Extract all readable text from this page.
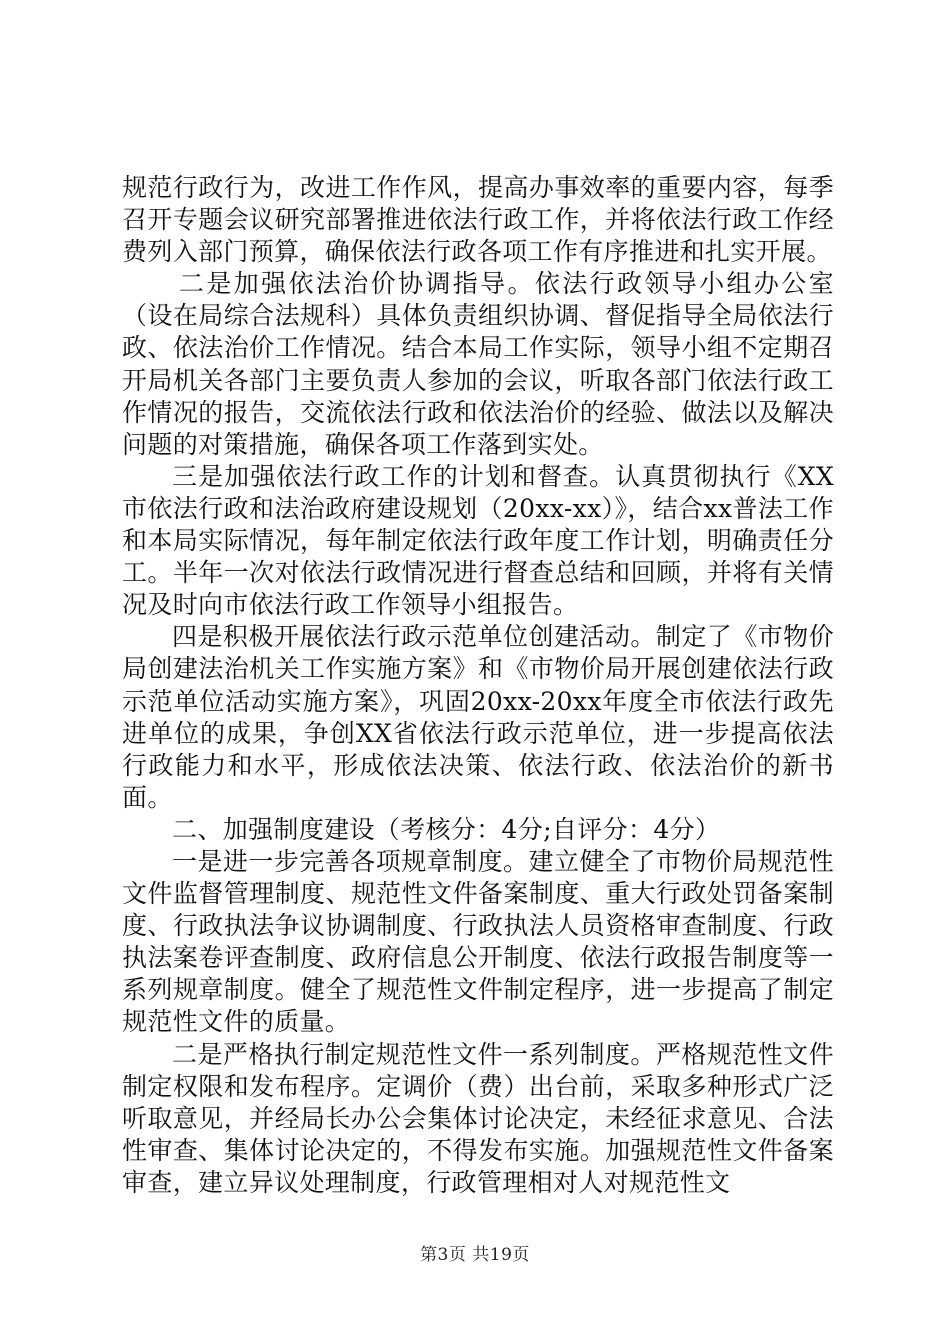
规范行政行为，改进工作作风，提高办事效率的重要内容，每季召开专题会议研究部署推进依法行政工作，并将依法行政工作经费列入部门预算，确保依法行政各项工作有序推进和扎实开展。

二是加强依法治价协调指导。依法行政领导小组办公室（设在局综合法规科）具体负责组织协调、督促指导全局依法行政、依法治价工作情况。结合本局工作实际，领导小组不定期召开局机关各部门主要负责人参加的会议，听取各部门依法行政工作情况的报告，交流依法行政和依法治价的经验、做法以及解决问题的对策措施，确保各项工作落到实处。

三是加强依法行政工作的计划和督查。认真贯彻执行《XX市依法行政和法治政府建设规划（20xx-xx）》，结合xx普法工作和本局实际情况，每年制定依法行政年度工作计划，明确责任分工。半年一次对依法行政情况进行督查总结和回顾，并将有关情况及时向市依法行政工作领导小组报告。

四是积极开展依法行政示范单位创建活动。制定了《市物价局创建法治机关工作实施方案》和《市物价局开展创建依法行政示范单位活动实施方案》，巩固20xx-20xx年度全市依法行政先进单位的成果，争创XX省依法行政示范单位，进一步提高依法行政能力和水平，形成依法决策、依法行政、依法治价的新书面。

二、加强制度建设（考核分：4分;自评分：4分）

一是进一步完善各项规章制度。建立健全了市物价局规范性文件监督管理制度、规范性文件备案制度、重大行政处罚备案制度、行政执法争议协调制度、行政执法人员资格审查制度、行政执法案卷评查制度、政府信息公开制度、依法行政报告制度等一系列规章制度。健全了规范性文件制定程序，进一步提高了制定规范性文件的质量。

二是严格执行制定规范性文件一系列制度。严格规范性文件制定权限和发布程序。定调价（费）出台前，采取多种形式广泛听取意见，并经局长办公会集体讨论决定，未经征求意见、合法性审查、集体讨论决定的，不得发布实施。加强规范性文件备案审查，建立异议处理制度，行政管理相对人对规范性文

第3页 共19页
